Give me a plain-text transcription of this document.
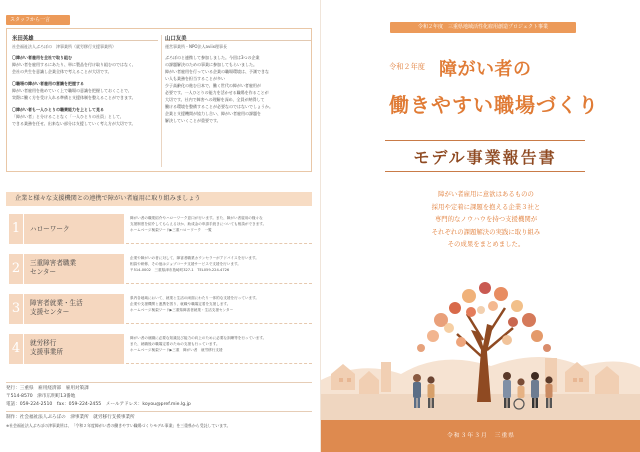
スタッフから一言
米田英雄
社会福祉法人ぷろぼの　津事業所（就労移行支援事業所）
〇障がい者雇用を全社で取り組む
障がい者を雇用するにあたり、単に製品を付け取り組むのではなく、
会社の共生を意識し企業全体で考えることが大切です。
〇職場の障がい者雇用の意識を把握する
障がい者雇用を進めていく上で職場の意識を把握しておくことで、
実際に働く方を受け入れる準備と支援体制を整えることができます。
〇障がい者も一人ひとりの職業能力を上として見る
「障がい者」と分けることなく「一人ひとりの社員」として、
できる業務を任せ、出来ない部分は支援していく考え方が大切です。
山口友美
運営事業所・NPO法人aviix理事長
ぷろぼのと連携して参加しました。今回は3つの企業
の課題解決のための事業に参加してもらいました。
障がい者雇用を行っている企業の職場環境は、予測できな
い人も業務を担当することが多い
少子高齢化の進む日本で、働く世代の障がい者雇用が
必要です。一人ひとりの能力を活かせる職場を作ることが
大切です。社内で障害への理解を深め、全員が納得して
働ける環境を整備することが必要なのではないでしょうか。
企業と支援機関が協力し合い、障がい者雇用の課題を
解決していくことが重要です。
企業と様々な支援機関との連携で障がい者雇用に取り組みましょう
1	ハローワーク
障がい者の職業紹介やハローワーク窓口が行います。また、障がい者雇用の様々な
支援制度を紹介してもらえるほか、助成金の申請手続きについても相談ができます。
ホームページ検索ワード▶三重ハローワーク　一覧
2	三重障害者職業
センター
企業や障がいの者に対して、障害者職業カウンセラーがアドバイスを行います。
相談や研修、その他はジョブコーチ支援サービスで支援を行います。
〒514-0002　三重県津市島崎町327-1　TEL059-224-4726
3	障害者就業・生活
支援センター
県内各地域において、就業と生活の両面にわたり一体的な支援を行っています。
企業や支援機関と連携を図り、就職や職場定着を支援します。
ホームページ検索ワード▶三重県障害者就業・生活支援センター
4	就労移行
支援事業所
障がい者の就職に必要な知識及び能力の向上のために必要な訓練等を行っています。
また、就職後の職場定着のための支援も行っています。
ホームページ検索ワード▶三重　障がい者　就労移行支援
発行：三重県　雇用経済部　雇用対策課
〒514-8570　津市広明町13番地
電話：059-224-2510　fax：059-224-2455　メールアドレス：koyou@pref.mie.lg.jp
制作：社会福祉法人ぷろぼの　津事業所　就労移行支援事業所
※社会福祉法人ぷろぼの津事業所は、「令和２年度障がい者の働きやすい職場づくりモデル事業」を三重県から受託しています。
令和２年度　三重県地域活性化雇用創造プロジェクト事業
令和２年度 障がい者の
働きやすい職場づくり
モデル事業報告書
障がい者雇用に意欲はあるものの
採用や定着に課題を抱える企業３社と
専門的なノウハウを持つ支援機関が
それぞれの課題解決の実践に取り組み
その成果をまとめました。
令和３年３月　三重県
